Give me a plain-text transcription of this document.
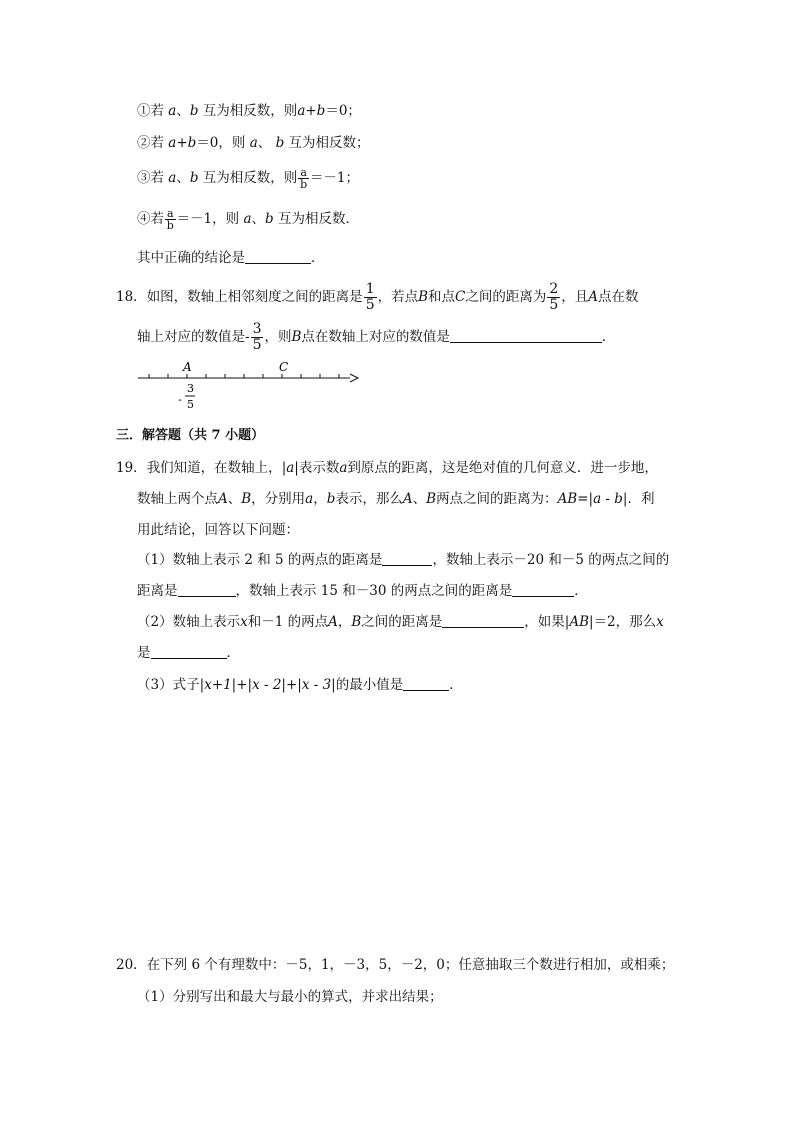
①若 a、b 互为相反数，则a+b＝0；
②若 a+b＝0，则 a、 b 互为相反数；
③若 a、b 互为相反数，则 $\frac{a}{b} =-1$；
④若 $\frac{a}{b} =-1$，则 a、b 互为相反数．
其中正确的结论是	．
18．如图，数轴上相邻刻度之间的距离是 $\frac{1}{5}$ ，若点B和点C之间的距离为 $\frac{2}{5}$ ，且A点在数
轴上对应的数值是- $\frac{3}{5}$ ，则B点在数轴上对应的数值是	．
A	C
-
3
5
三．解答题（共 7 小题）
19．我们知道，在数轴上，|a|表示数a到原点的距离，这是绝对值的几何意义．进一步地，
数轴上两个点A、B，分别用a，b表示，那么A、B两点之间的距离为：AB=|a - b|．利
用此结论，回答以下问题：
（1）数轴上表示 2 和 5 的两点的距离是	，数轴上表示－20 和－5 的两点之间的
距离是	，数轴上表示 15 和－30 的两点之间的距离是	．
（2）数轴上表示x和－1 的两点A，B之间的距离是	，如果|AB|＝2，那么x
是	．
（3）式子|x+1|+|x - 2|+|x - 3|的最小值是	．
20．在下列 6 个有理数中：－5，1，－3，5，－2，0；任意抽取三个数进行相加，或相乘；
（1）分别写出和最大与最小的算式，并求出结果；
